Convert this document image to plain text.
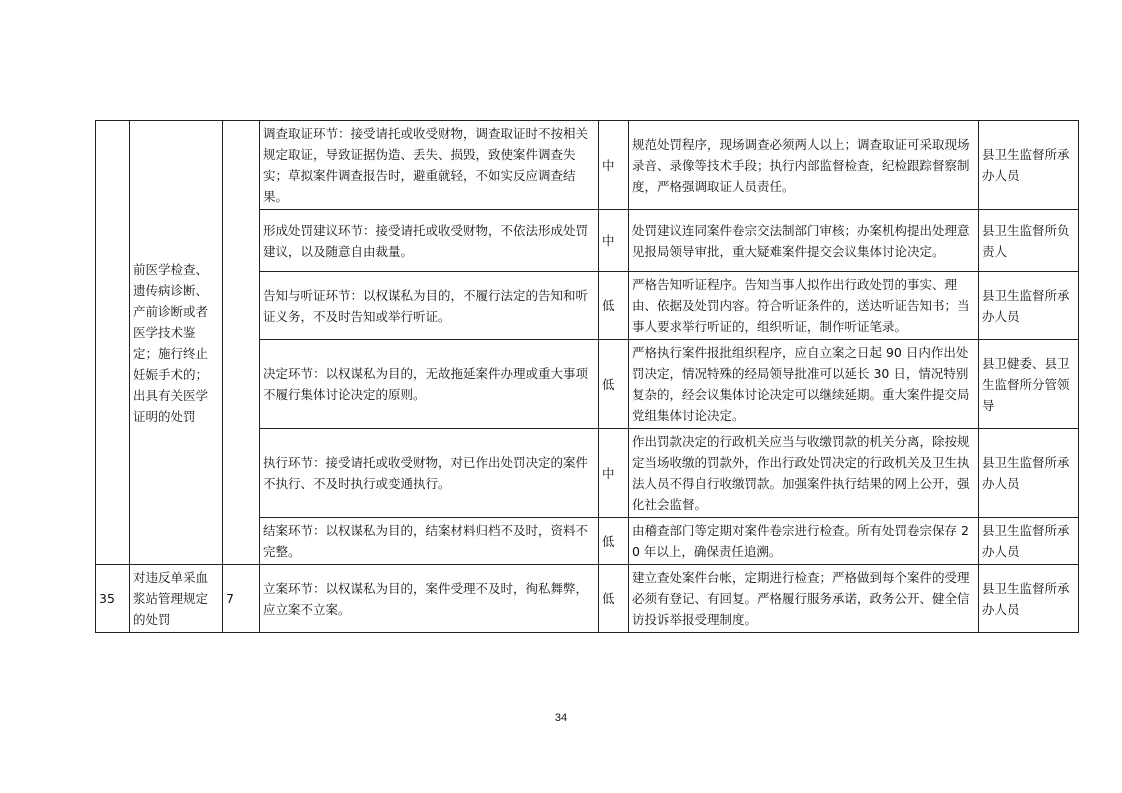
	前医学检查、遗传病诊断、产前诊断或者医学技术鉴定；施行终止妊娠手术的；出具有关医学证明的处罚		调查取证环节：接受请托或收受财物，调查取证时不按相关规定取证，导致证据伪造、丢失、损毁，致使案件调查失实；草拟案件调查报告时，避重就轻，不如实反应调查结果。	中	规范处罚程序，现场调查必须两人以上；调查取证可采取现场录音、录像等技术手段；执行内部监督检查，纪检跟踪督察制度，严格强调取证人员责任。	县卫生监督所承办人员
			形成处罚建议环节：接受请托或收受财物，不依法形成处罚建议，以及随意自由裁量。	中	处罚建议连同案件卷宗交法制部门审核；办案机构提出处理意见报局领导审批，重大疑难案件提交会议集体讨论决定。	县卫生监督所负责人
			告知与听证环节：以权谋私为目的，不履行法定的告知和听证义务，不及时告知或举行听证。	低	严格告知听证程序。告知当事人拟作出行政处罚的事实、理由、依据及处罚内容。符合听证条件的，送达听证告知书；当事人要求举行听证的，组织听证，制作听证笔录。	县卫生监督所承办人员
			决定环节：以权谋私为目的，无故拖延案件办理或重大事项不履行集体讨论决定的原则。	低	严格执行案件报批组织程序，应自立案之日起 90 日内作出处罚决定，情况特殊的经局领导批准可以延长 30 日，情况特别复杂的，经会议集体讨论决定可以继续延期。重大案件提交局党组集体讨论决定。	县卫健委、县卫生监督所分管领导
			执行环节：接受请托或收受财物，对已作出处罚决定的案件不执行、不及时执行或变通执行。	中	作出罚款决定的行政机关应当与收缴罚款的机关分离，除按规定当场收缴的罚款外，作出行政处罚决定的行政机关及卫生执法人员不得自行收缴罚款。加强案件执行结果的网上公开，强化社会监督。	县卫生监督所承办人员
			结案环节：以权谋私为目的，结案材料归档不及时，资料不完整。	低	由稽查部门等定期对案件卷宗进行检查。所有处罚卷宗保存 20 年以上，确保责任追溯。	县卫生监督所承办人员
35	对违反单采血浆站管理规定的处罚	7	立案环节：以权谋私为目的，案件受理不及时，徇私舞弊，应立案不立案。	低	建立查处案件台帐，定期进行检查；严格做到每个案件的受理必须有登记、有回复。严格履行服务承诺，政务公开、健全信访投诉举报受理制度。	县卫生监督所承办人员
34
